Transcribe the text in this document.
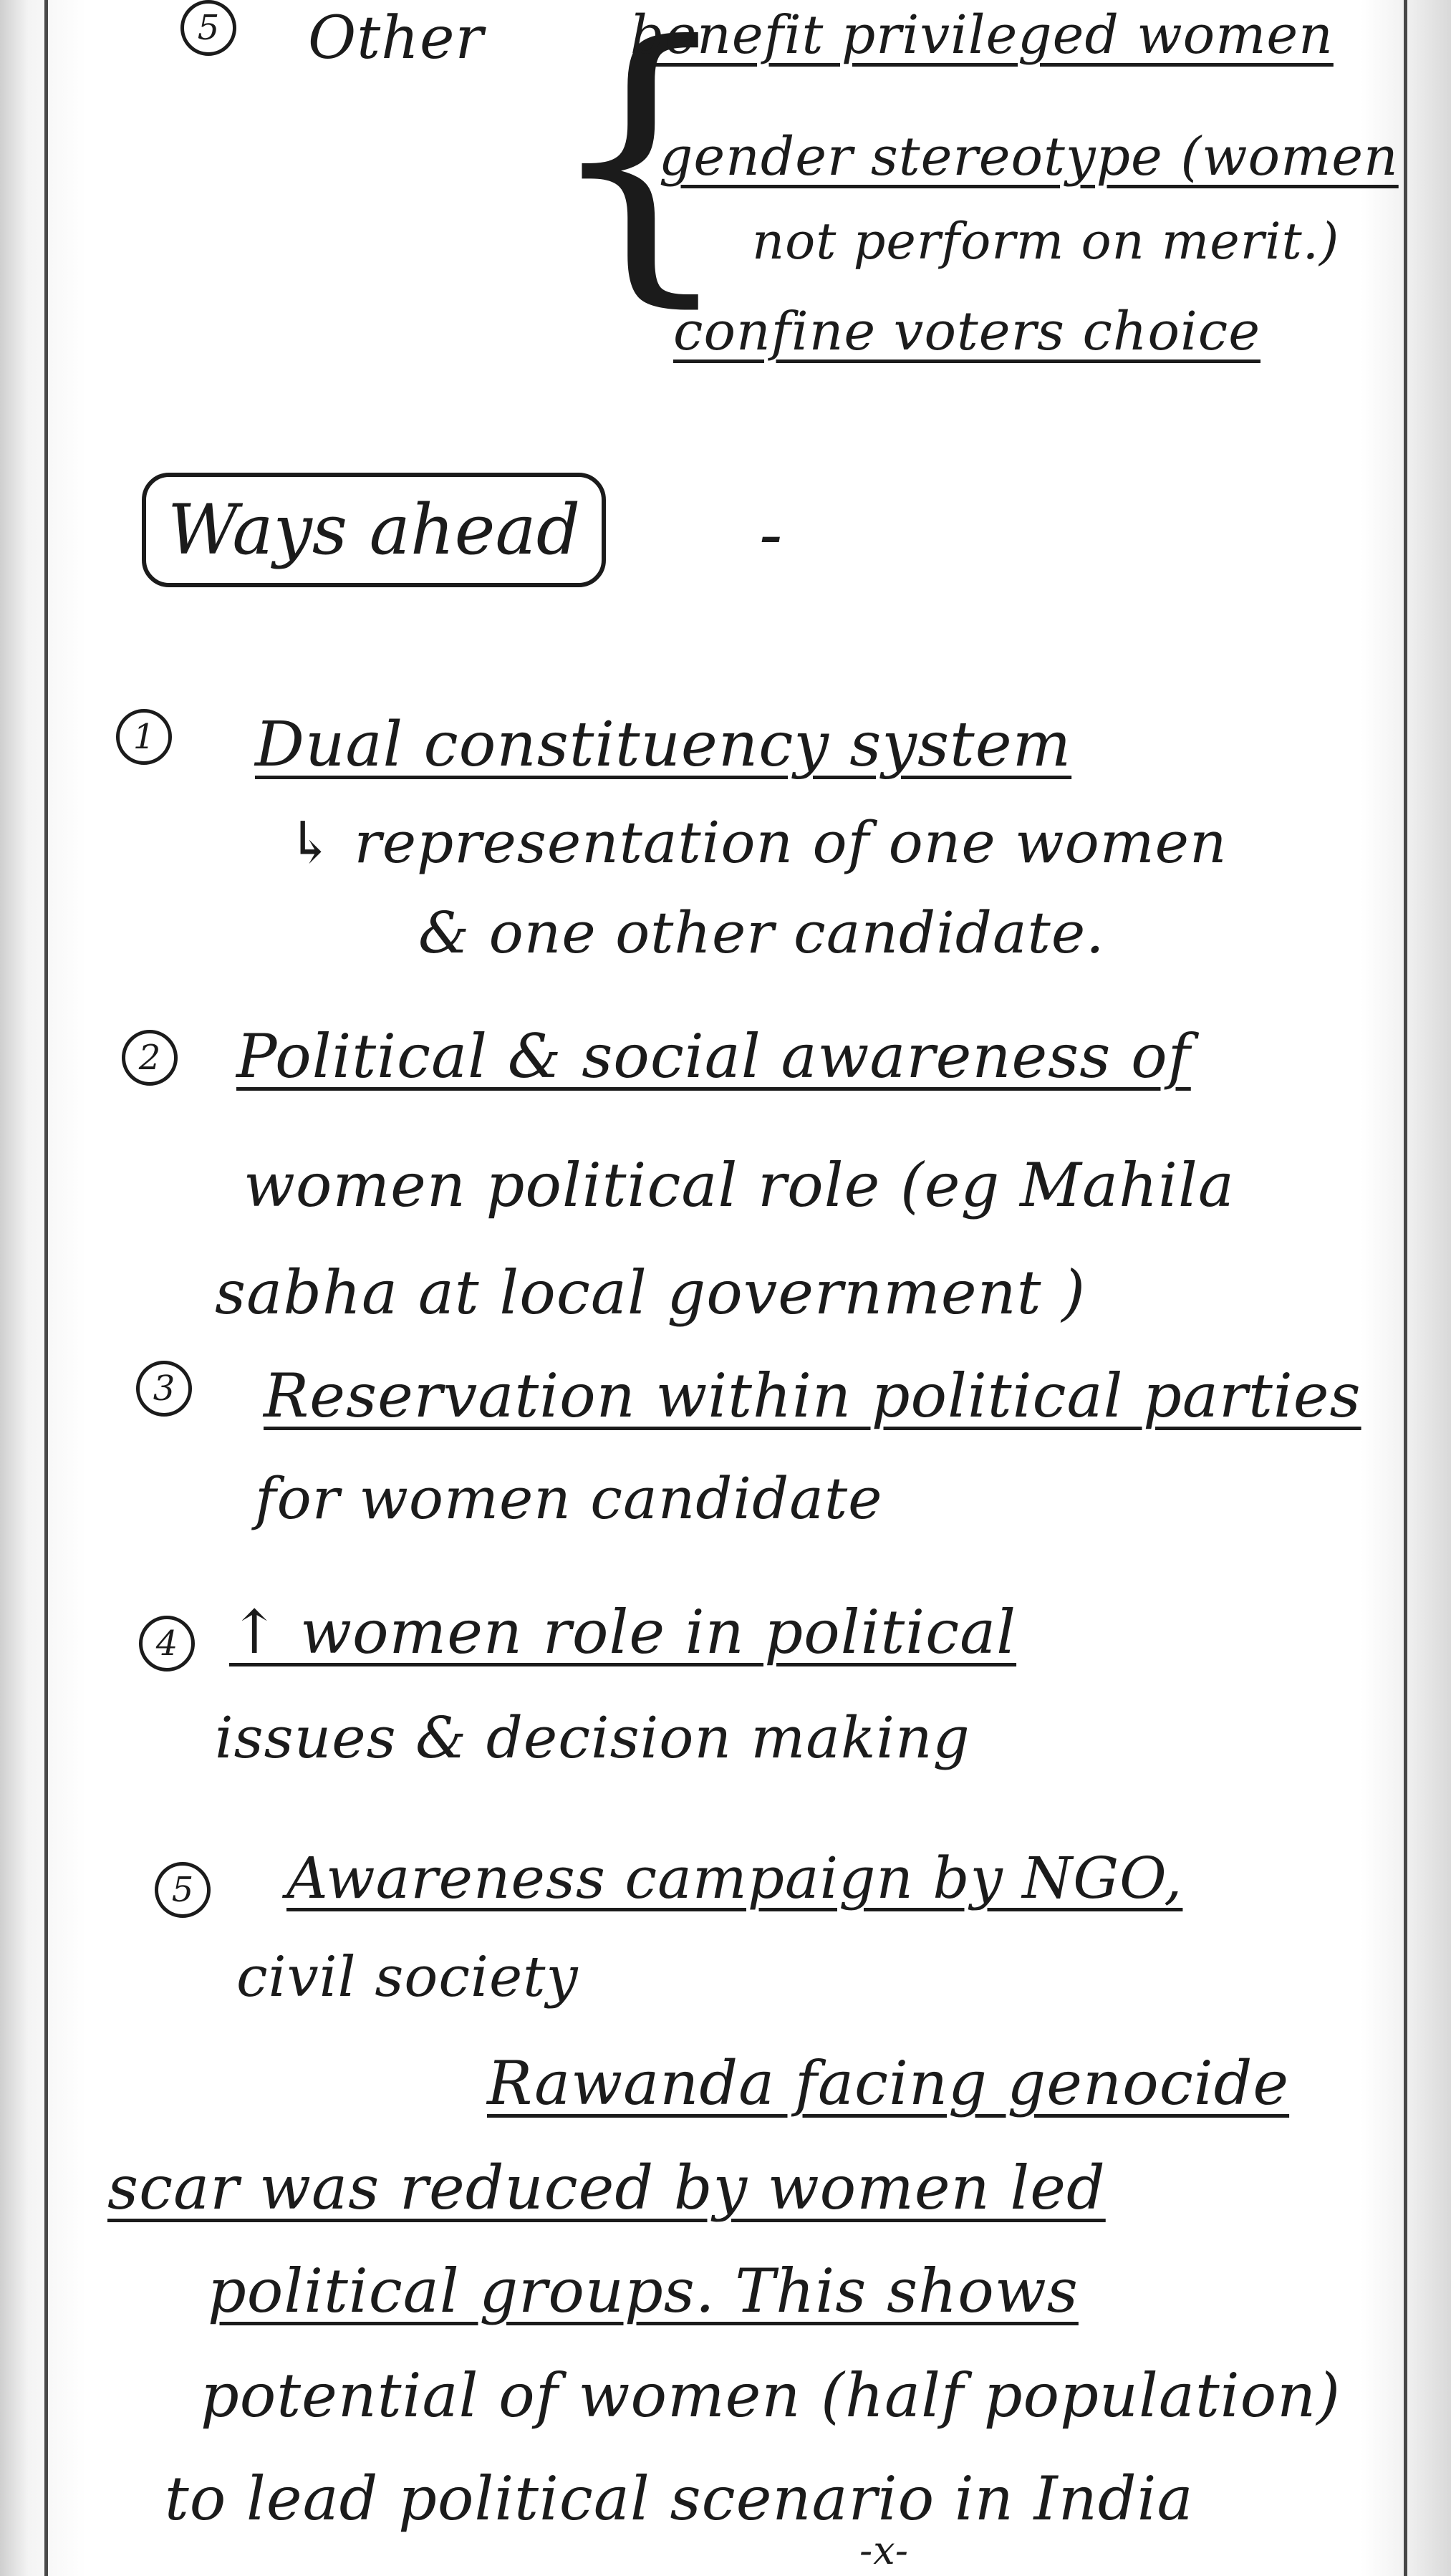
5 Other {
benefit privileged women
gender stereotype (women
not perform on merit.)
confine voters choice
Ways ahead	-
1 Dual constituency system
↳ representation of one women
& one other candidate.
2 Political & social awareness of
women political role (eg Mahila
sabha at local government )
3 Reservation within political parties
for women candidate
4 ↑ women role in political
issues & decision making
5 Awareness campaign by NGO,
civil society
Rawanda facing genocide
scar was reduced by women led
political groups. This shows
potential of women (half population)
to lead political scenario in India
-x-
